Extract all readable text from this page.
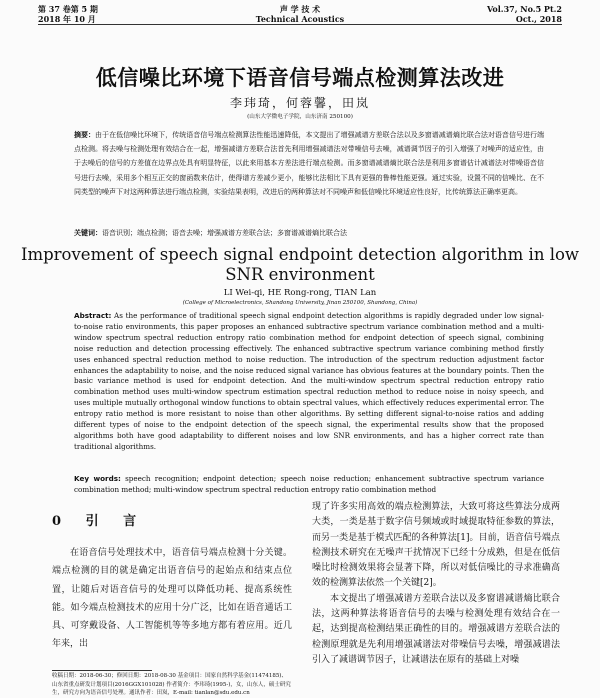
第 37 卷第 5 期	声 学 技 术	Vol.37, No.5 Pt.2
2018 年 10 月	Technical Acoustics	Oct., 2018
低信噪比环境下语音信号端点检测算法改进
李玮琦，何蓉馨，田岚
(山东大学微电子学院，山东济南 250100)
摘要：由于在低信噪比环境下，传统语音信号端点检测算法性能迅速降低，本文提出了增强减谱方差联合法以及多窗谱减谱熵比联合法对语音信号进行端点检测。将去噪与检测处理有效结合在一起，增强减谱方差联合法首先利用增强减谱法对带噪信号去噪，减谱调节因子的引入增强了对噪声的适应性，由于去噪后的信号的方差值在边界点处具有明显特征，以此来用基本方差法进行端点检测。而多窗谱减谱熵比联合法是利用多窗谱估计减谱法对带噪语音信号进行去噪，采用多个相互正交的窗函数来估计，使得谱方差减少更小，能够比法相比下具有更强的鲁棒性能更强。通过实验，设置不同的信噪比、在不同类型的噪声下对这两种算法进行端点检测，实验结果表明，改进后的两种算法对不同噪声和低信噪比环境适应性良好，比传统算法正确率更高。
关键词：语音识别；端点检测；语音去噪；增强减谱方差联合法；多窗谱减谱熵比联合法
Improvement of speech signal endpoint detection algorithm in low SNR environment
LI Wei-qi, HE Rong-rong, TIAN Lan
(College of Microelectronics, Shandong University, Jinan 250100, Shandong, China)
Abstract: As the performance of traditional speech signal endpoint detection algorithms is rapidly degraded under low signal-to-noise ratio environments, this paper proposes an enhanced subtractive spectrum variance combination method and a multi-window spectrum spectral reduction entropy ratio combination method for endpoint detection of speech signal, combining noise reduction and detection processing effectively. The enhanced subtractive spectrum variance combining method firstly uses enhanced spectral reduction method to noise reduction. The introduction of the spectrum reduction adjustment factor enhances the adaptability to noise, and the noise reduced signal variance has obvious features at the boundary points. Then the basic variance method is used for endpoint detection. And the multi-window spectrum spectral reduction entropy ratio combination method uses multi-window spectrum estimation spectral reduction method to reduce noise in noisy speech, and uses multiple mutually orthogonal window functions to obtain spectral values, which effectively reduces experimental error. The entropy ratio method is more resistant to noise than other algorithms. By setting different signal-to-noise ratios and adding different types of noise to the endpoint detection of the speech signal, the experimental results show that the proposed algorithms both have good adaptability to different noises and low SNR environments, and has a higher correct rate than traditional algorithms.
Key words: speech recognition; endpoint detection; speech noise reduction; enhancement subtractive spectrum variance combination method; multi-window spectrum spectral reduction entropy ratio combination method
0 引 言
在语音信号处理技术中，语音信号端点检测十分关键。端点检测的目的就是确定出语音信号的起始点和结束点位置，让随后对语音信号的处理可以降低功耗、提高系统性能。如今端点检测技术的应用十分广泛，比如在语音通话工具、可穿戴设备、人工智能机等等多地方都有着应用。近几年来，出

现了许多实用高效的端点检测算法，大致可将这些算法分成两大类，一类是基于数字信号频域或时域提取特征参数的算法，而另一类是基于模式匹配的各种算法[1]。目前，语音信号端点检测技术研究在无噪声干扰情况下已经十分成熟，但是在低信噪比时检测效果将会显著下降，所以对低信噪比的寻求准确高效的检测算法依然一个关键[2]。

本文提出了增强减谱方差联合法以及多窗谱减谱熵比联合法，这两种算法将语音信号的去噪与检测处理有效结合在一起，达到提高检测结果正确性的目的。增强减谱方差联合法的检测原理就是先利用增强减谱法对带噪信号去噪，增强减谱法引入了减谱调节因子，让减谱法在原有的基础上对噪

收稿日期：2018-06-30；修回日期：2018-08-30 基金项目：国家自然科学基金(11474185)、山东省重点研发计划项目(2016GGX101028) 作者简介：李玮琦(1995-)，女，山东人，硕士研究生，研究方向为语音信号处理。通讯作者：田岚，E-mail: tianlan@sdu.edu.cn
